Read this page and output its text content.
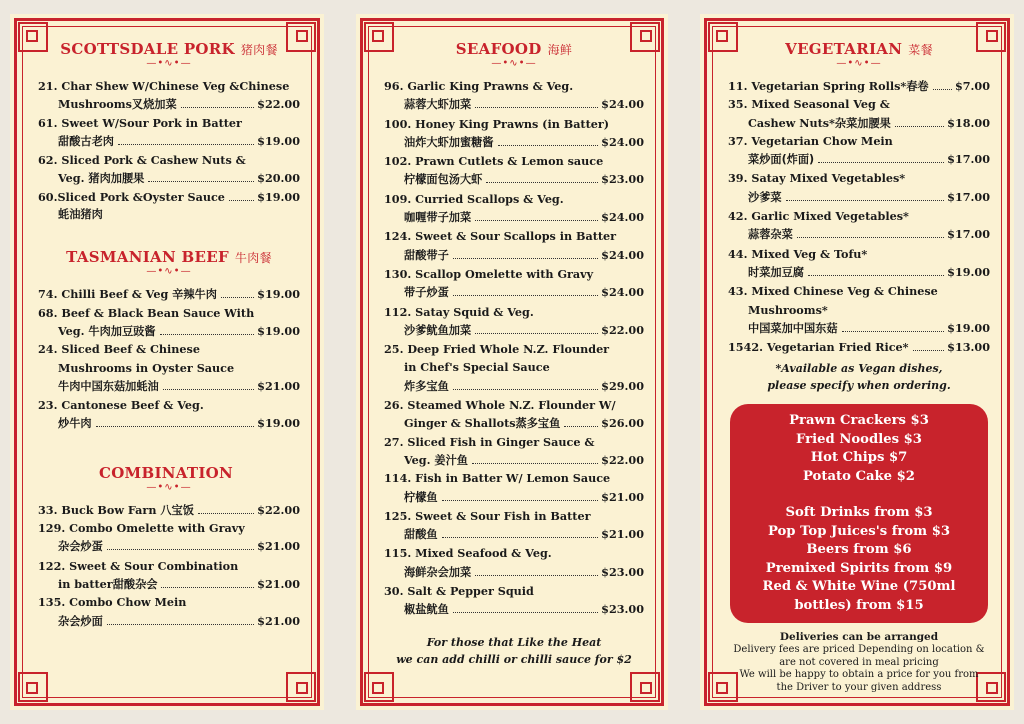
SCOTTSDALE PORK 猪肉餐
—•∿•—
21. Char Shew W/Chinese Veg &Chinese
Mushrooms叉烧加菜	$22.00
61. Sweet W/Sour Pork in Batter
甜酸古老肉	$19.00
62. Sliced Pork & Cashew Nuts &
Veg. 猪肉加腰果	$20.00
60.Sliced Pork &Oyster Sauce	$19.00
蚝油猪肉
TASMANIAN BEEF 牛肉餐
—•∿•—
74. Chilli Beef & Veg 辛辣牛肉	$19.00
68. Beef & Black Bean Sauce With
Veg. 牛肉加豆豉酱	$19.00
24. Sliced Beef & Chinese
Mushrooms in Oyster Sauce
牛肉中国东菇加蚝油	$21.00
23. Cantonese Beef & Veg.
炒牛肉	$19.00
COMBINATION
—•∿•—
33. Buck Bow Farn 八宝饭	$22.00
129. Combo Omelette with Gravy
杂会炒蛋	$21.00
122. Sweet & Sour Combination
in batter甜酸杂会	$21.00
135. Combo Chow Mein
杂会炒面	$21.00
SEAFOOD 海鲜
—•∿•—
96. Garlic King Prawns & Veg.
蒜蓉大虾加菜	$24.00
100. Honey King Prawns (in Batter)
油炸大虾加蜜糖酱	$24.00
102. Prawn Cutlets & Lemon sauce
柠檬面包汤大虾	$23.00
109. Curried Scallops & Veg.
咖喱带子加菜	$24.00
124. Sweet & Sour Scallops in Batter
甜酸带子	$24.00
130. Scallop Omelette with Gravy
带子炒蛋	$24.00
112. Satay Squid & Veg.
沙爹鱿鱼加菜	$22.00
25. Deep Fried Whole N.Z. Flounder
in Chef's Special Sauce
炸多宝鱼	$29.00
26. Steamed Whole N.Z. Flounder W/
Ginger & Shallots蒸多宝鱼	$26.00
27. Sliced Fish in Ginger Sauce &
Veg. 姜汁鱼	$22.00
114. Fish in Batter W/ Lemon Sauce
柠檬鱼	$21.00
125. Sweet & Sour Fish in Batter
甜酸鱼	$21.00
115. Mixed Seafood & Veg.
海鲜杂会加菜	$23.00
30. Salt & Pepper Squid
椒盐鱿鱼	$23.00
For those that Like the Heat
we can add chilli or chilli sauce for $2
VEGETARIAN 菜餐
—•∿•—
11. Vegetarian Spring Rolls*春卷 $7.00
35. Mixed Seasonal Veg &
Cashew Nuts*杂菜加腰果	$18.00
37. Vegetarian Chow Mein
菜炒面(炸面)	$17.00
39. Satay Mixed Vegetables*
沙爹菜	$17.00
42. Garlic Mixed Vegetables*
蒜蓉杂菜	$17.00
44. Mixed Veg & Tofu*
时菜加豆腐	$19.00
43. Mixed Chinese Veg & Chinese
Mushrooms*
中国菜加中国东菇	$19.00
1542. Vegetarian Fried Rice*	$13.00
*Available as Vegan dishes,
please specify when ordering.
Prawn Crackers $3
Fried Noodles $3
Hot Chips $7
Potato Cake $2
Soft Drinks from $3
Pop Top Juices's from $3
Beers from $6
Premixed Spirits from $9
Red & White Wine (750ml
bottles) from $15
Deliveries can be arranged
Delivery fees are priced Depending on location &
are not covered in meal pricing
We will be happy to obtain a price for you from
the Driver to your given address
